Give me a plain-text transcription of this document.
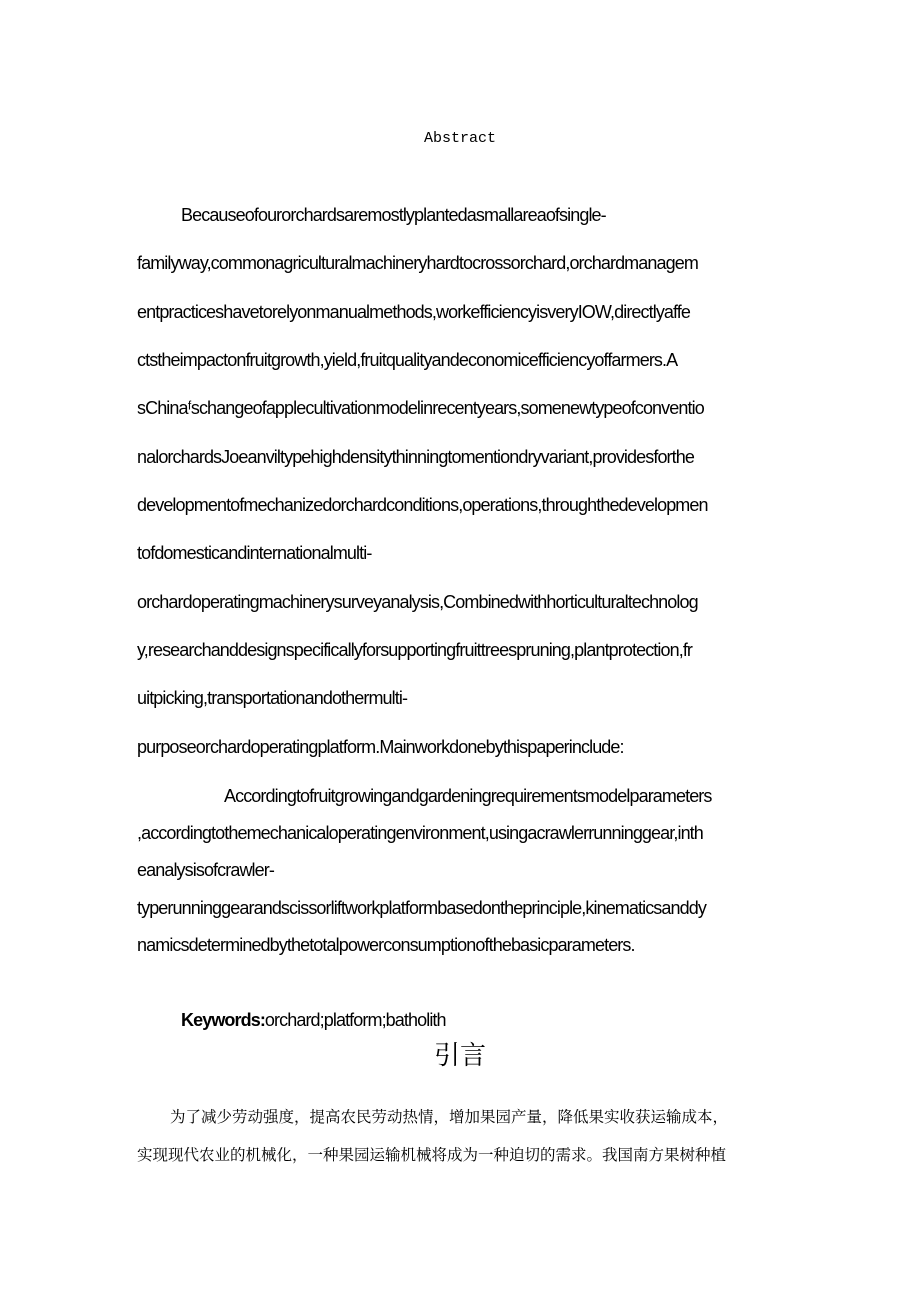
Abstract
Becauseofourorchardsaremostlyplantedasmallareaofsingle-
familyway,commonagriculturalmachineryhardtocrossorchard,orchardmanagem
entpracticeshavetorelyonmanualmethods,workefficiencyisveryIOW,directlyaffe
ctstheimpactonfruitgrowth,yield,fruitqualityandeconomicefficiencyoffarmers.A
sChinaᶠschangeofapplecultivationmodelinrecentyears,somenewtypeofconventio
nalorchardsJoeanviltypehighdensitythinningtomentiondryvariant,providesforthe
developmentofmechanizedorchardconditions,operations,throughthedevelopmen
tofdomesticandinternationalmulti-
orchardoperatingmachinerysurveyanalysis,Combinedwithhorticulturaltechnolog
y,researchanddesignspecificallyforsupportingfruittreespruning,plantprotection,fr
uitpicking,transportationandothermulti-
purposeorchardoperatingplatform.Mainworkdonebythispaperinclude:
Accordingtofruitgrowingandgardeningrequirementsmodelparameters
,accordingtothemechanicaloperatingenvironment,usingacrawlerrunninggear,inth
eanalysisofcrawler-
typerunninggearandscissorliftworkplatformbasedontheprinciple,kinematicsanddy
namicsdeterminedbythetotalpowerconsumptionofthebasicparameters.
Keywords:orchard;platform;batholith
引言
为了减少劳动强度，提高农民劳动热情，增加果园产量，降低果实收获运输成本，
实现现代农业的机械化，一种果园运输机械将成为一种迫切的需求。我国南方果树种植
